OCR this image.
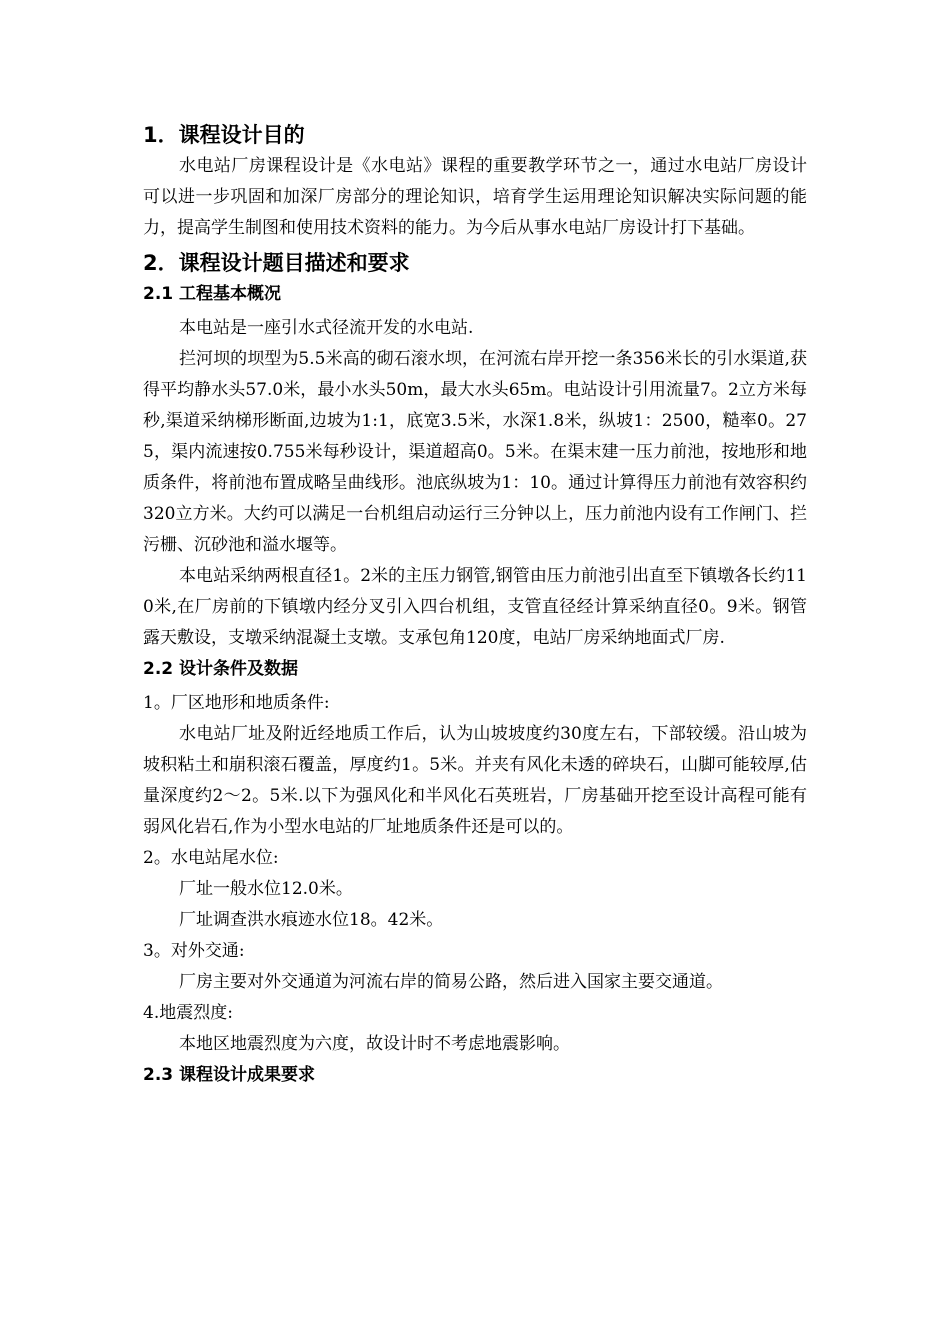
1．课程设计目的

水电站厂房课程设计是《水电站》课程的重要教学环节之一，通过水电站厂房设计可以进一步巩固和加深厂房部分的理论知识，培育学生运用理论知识解决实际问题的能力，提高学生制图和使用技术资料的能力。为今后从事水电站厂房设计打下基础。

2．课程设计题目描述和要求
2.1 工程基本概况

本电站是一座引水式径流开发的水电站.

拦河坝的坝型为5.5米高的砌石滚水坝，在河流右岸开挖一条356米长的引水渠道,获得平均静水头57.0米，最小水头50m，最大水头65m。电站设计引用流量7。2立方米每秒,渠道采纳梯形断面,边坡为1:1，底宽3.5米，水深1.8米，纵坡1：2500，糙率0。275，渠内流速按0.755米每秒设计，渠道超高0。5米。在渠末建一压力前池，按地形和地质条件，将前池布置成略呈曲线形。池底纵坡为1：10。通过计算得压力前池有效容积约320立方米。大约可以满足一台机组启动运行三分钟以上，压力前池内设有工作闸门、拦污栅、沉砂池和溢水堰等。

本电站采纳两根直径1。2米的主压力钢管,钢管由压力前池引出直至下镇墩各长约110米,在厂房前的下镇墩内经分叉引入四台机组，支管直径经计算采纳直径0。9米。钢管露天敷设，支墩采纳混凝土支墩。支承包角120度，电站厂房采纳地面式厂房.

2.2 设计条件及数据

1。厂区地形和地质条件:

水电站厂址及附近经地质工作后，认为山坡坡度约30度左右，下部较缓。沿山坡为坡积粘土和崩积滚石覆盖，厚度约1。5米。并夹有风化未透的碎块石，山脚可能较厚,估量深度约2～2。5米.以下为强风化和半风化石英班岩，厂房基础开挖至设计高程可能有弱风化岩石,作为小型水电站的厂址地质条件还是可以的。

2。水电站尾水位:

厂址一般水位12.0米。

厂址调查洪水痕迹水位18。42米。

3。对外交通:

厂房主要对外交通道为河流右岸的简易公路，然后进入国家主要交通道。

4.地震烈度:

本地区地震烈度为六度，故设计时不考虑地震影响。

2.3 课程设计成果要求
